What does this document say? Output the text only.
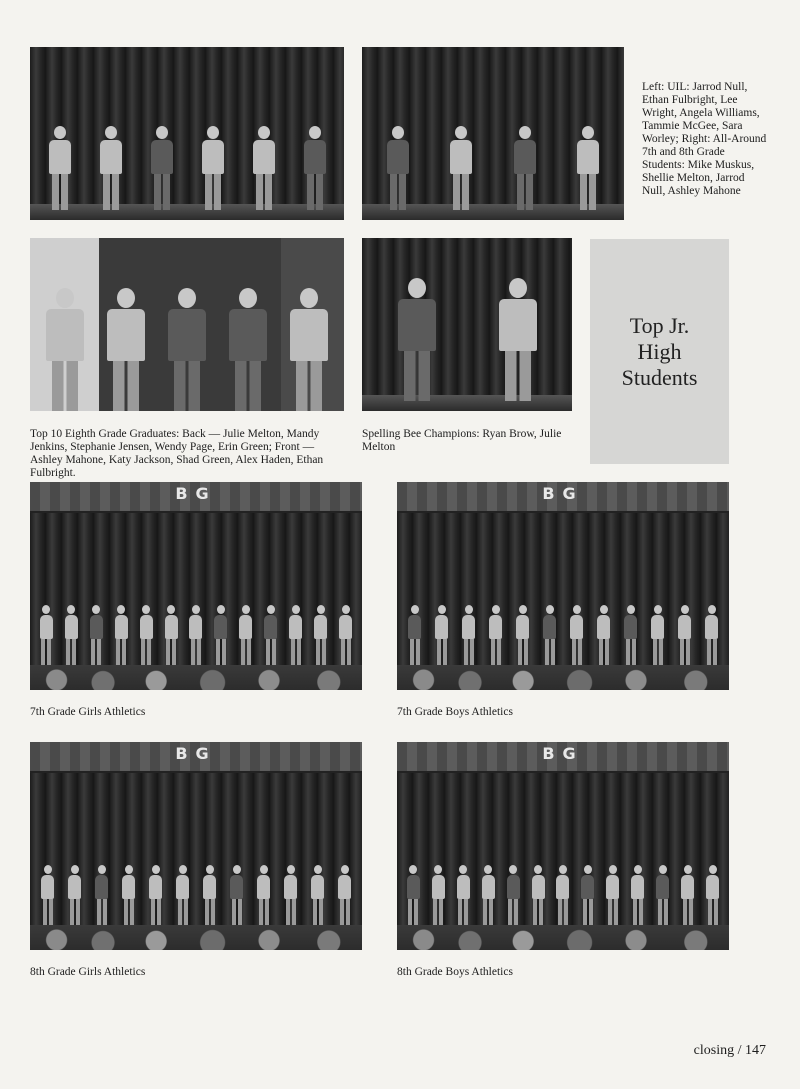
Left: UIL: Jarrod Null, Ethan Fulbright, Lee Wright, Angela Williams, Tammie McGee, Sara Worley; Right: All-Around 7th and 8th Grade Students: Mike Muskus, Shellie Melton, Jarrod Null, Ashley Mahone
Top Jr. High Students
Top 10 Eighth Grade Graduates: Back — Julie Melton, Mandy Jenkins, Stephanie Jensen, Wendy Page, Erin Green; Front — Ashley Mahone, Katy Jackson, Shad Green, Alex Haden, Ethan Fulbright.
Spelling Bee Champions: Ryan Brow, Julie Melton
BG	BG
7th Grade Girls Athletics	7th Grade Boys Athletics
BG	BG
8th Grade Girls Athletics	8th Grade Boys Athletics
closing / 147
